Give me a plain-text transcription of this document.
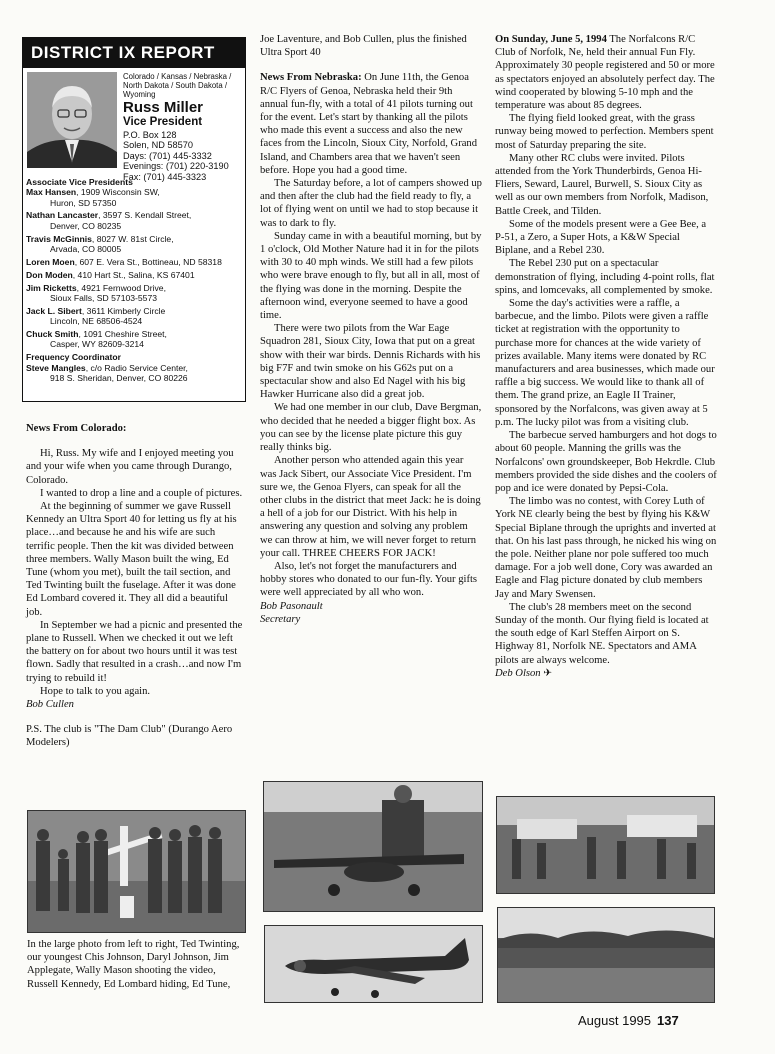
DISTRICT IX REPORT
Colorado / Kansas / Nebraska / North Dakota / South Dakota / Wyoming
Russ Miller
Vice President
P.O. Box 128
Solen, ND 58570
Days: (701) 445-3332
Evenings: (701) 220-3190
Fax: (701) 445-3323
Associate Vice Presidents
Max Hansen, 1909 Wisconsin SW,
Huron, SD 57350
Nathan Lancaster, 3597 S. Kendall Street,
Denver, CO 80235
Travis McGinnis, 8027 W. 81st Circle,
Arvada, CO 80005
Loren Moen, 607 E. Vera St., Bottineau, ND 58318
Don Moden, 410 Hart St., Salina, KS 67401
Jim Ricketts, 4921 Fernwood Drive,
Sioux Falls, SD 57103-5573
Jack L. Sibert, 3611 Kimberly Circle
Lincoln, NE 68506-4524
Chuck Smith, 1091 Cheshire Street,
Casper, WY 82609-3214
Frequency Coordinator
Steve Mangles, c/o Radio Service Center,
918 S. Sheridan, Denver, CO 80226

News From Colorado:

Hi, Russ. My wife and I enjoyed meeting you and your wife when you came through Durango, Colorado.

I wanted to drop a line and a couple of pictures.

At the beginning of summer we gave Russell Kennedy an Ultra Sport 40 for letting us fly at his place…and because he and his wife are such terrific people. Then the kit was divided between three members. Wally Mason built the wing, Ed Tune (whom you met), built the tail section, and Ted Twinting built the fuselage. After it was done Ed Lombard covered it. They all did a beautiful job.

In September we had a picnic and presented the plane to Russell. When we checked it out we left the battery on for about two hours until it was test flown. Sadly that resulted in a crash…and now I'm trying to rebuild it!

Hope to talk to you again.

Bob Cullen

P.S. The club is "The Dam Club" (Durango Aero Modelers)

In the large photo from left to right, Ted Twinting, our youngest Chis Johnson, Daryl Johnson, Jim Applegate, Wally Mason shooting the video, Russell Kennedy, Ed Lombard hiding, Ed Tune,

Joe Laventure, and Bob Cullen, plus the finished Ultra Sport 40

News From Nebraska: On June 11th, the Genoa R/C Flyers of Genoa, Nebraska held their 9th annual fun-fly, with a total of 41 pilots turning out for the event. Let's start by thanking all the pilots who made this event a success and also the new faces from the Lincoln, Sioux City, Norfold, Grand Island, and Chambers area that we haven't seen before. Hope you had a good time.

The Saturday before, a lot of campers showed up and then after the club had the field ready to fly, a lot of flying went on until we had to stop because it was to dark to fly.

Sunday came in with a beautiful morning, but by 1 o'clock, Old Mother Nature had it in for the pilots with 30 to 40 mph winds. We still had a few pilots who were brave enough to fly, but all in all, most of the flying was done in the morning. Despite the afternoon wind, everyone seemed to have a good time.

There were two pilots from the War Eage Squadron 281, Sioux City, Iowa that put on a great show with their war birds. Dennis Richards with his big F7F and twin smoke on his G62s put on a spectacular show and also Ed Nagel with his big Hawker Hurricane also did a great job.

We had one member in our club, Dave Bergman, who decided that he needed a bigger flight box. As you can see by the license plate picture this guy really thinks big.

Another person who attended again this year was Jack Sibert, our Associate Vice President. I'm sure we, the Genoa Flyers, can speak for all the other clubs in the district that meet Jack: he is doing a hell of a job for our District. With his help in answering any question and solving any problem we can throw at him, we will never forget to return your call. THREE CHEERS FOR JACK!

Also, let's not forget the manufacturers and hobby stores who donated to our fun-fly. Your gifts were well appreciated by all who won.

Bob Pasonault

Secretary

On Sunday, June 5, 1994 The Norfalcons R/C Club of Norfolk, Ne, held their annual Fun Fly. Approximately 30 people registered and 50 or more as spectators enjoyed an absolutely perfect day. The wind cooperated by blowing 5-10 mph and the temperature was about 85 degrees.

The flying field looked great, with the grass runway being mowed to perfection. Members spent most of Saturday preparing the site.

Many other RC clubs were invited. Pilots attended from the York Thunderbirds, Genoa Hi-Fliers, Seward, Laurel, Burwell, S. Sioux City as well as our own members from Norfolk, Madison, Battle Creek, and Tilden.

Some of the models present were a Gee Bee, a P-51, a Zero, a Super Hots, a K&W Special Biplane, and a Rebel 230.

The Rebel 230 put on a spectacular demonstration of flying, including 4-point rolls, flat spins, and lomcevaks, all complemented by smoke.

Some the day's activities were a raffle, a barbecue, and the limbo. Pilots were given a raffle ticket at registration with the opportunity to purchase more for chances at the wide variety of prizes available. Many items were donated by RC manufacturers and area businesses, which made our raffle a big success. We would like to thank all of them. The grand prize, an Eagle II Trainer, sponsored by the Norfalcons, was given away at 5 p.m. The lucky pilot was from a visiting club.

The barbecue served hamburgers and hot dogs to about 60 people. Manning the grills was the Norfalcons' own groundskeeper, Bob Hekrdle. Club members provided the side dishes and the coolers of pop and ice were donated by Pepsi-Cola.

The limbo was no contest, with Corey Luth of York NE clearly being the best by flying his K&W Special Biplane through the uprights and inverted at that. On his last pass through, he nicked his wing on the pole. Neither plane nor pole suffered too much damage. For a job well done, Cory was awarded an Eagle and Flag picture donated by club members Jay and Mary Swensen.

The club's 28 members meet on the second Sunday of the month. Our flying field is located at the south edge of Karl Steffen Airport on S. Highway 81, Norfolk NE. Spectators and AMA pilots are always welcome.

Deb Olson ✈

August 1995 137
